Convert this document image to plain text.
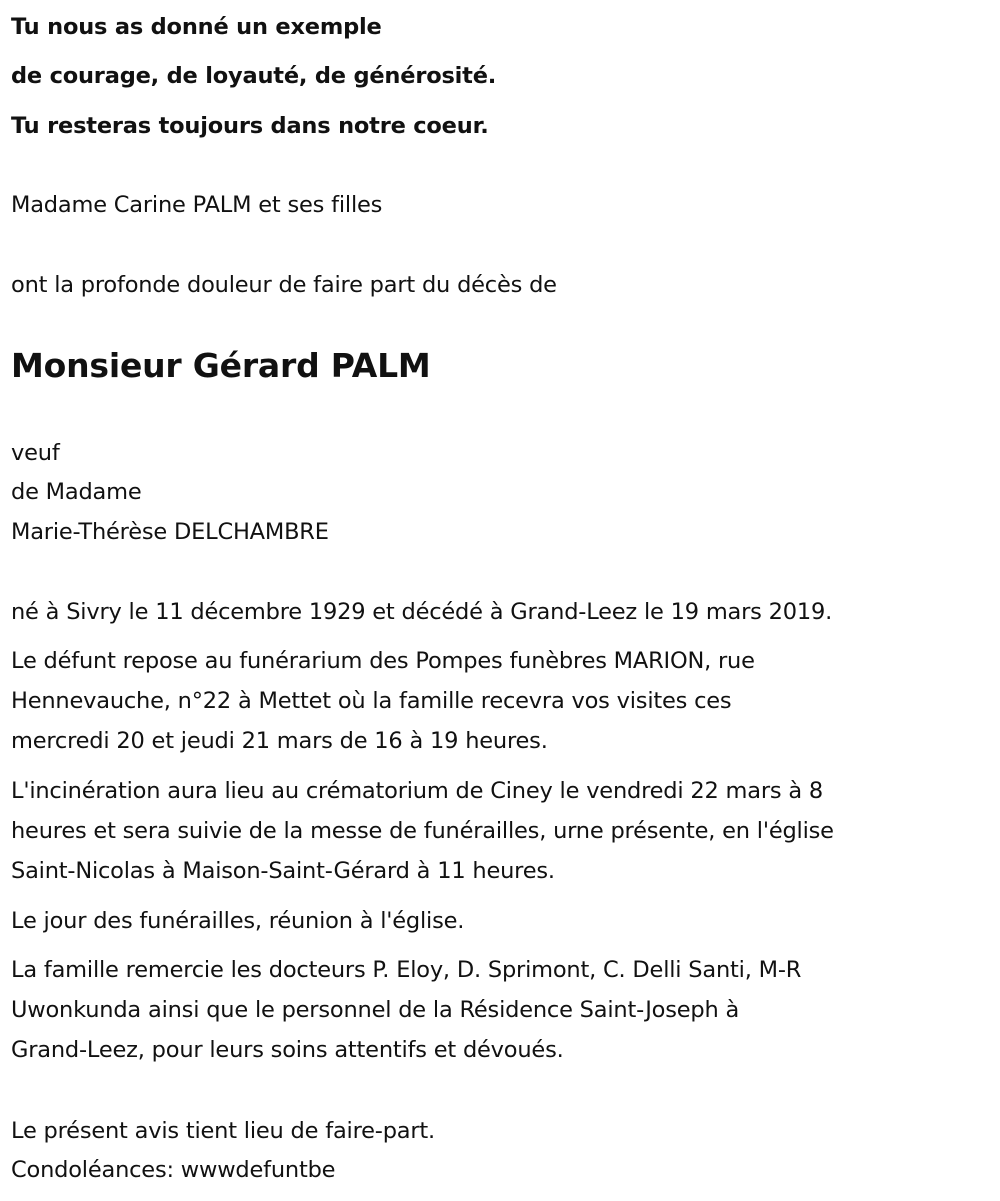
Tu nous as donné un exemple
de courage, de loyauté, de générosité.
Tu resteras toujours dans notre coeur.
Madame Carine PALM et ses filles
ont la profonde douleur de faire part du décès de
Monsieur Gérard PALM
veuf
de Madame
Marie-Thérèse DELCHAMBRE
né à Sivry le 11 décembre 1929 et décédé à Grand-Leez le 19 mars 2019.
Le défunt repose au funérarium des Pompes funèbres MARION, rue
Hennevauche, n°22 à Mettet où la famille recevra vos visites ces
mercredi 20 et jeudi 21 mars de 16 à 19 heures.
L'incinération aura lieu au crématorium de Ciney le vendredi 22 mars à 8
heures et sera suivie de la messe de funérailles, urne présente, en l'église
Saint-Nicolas à Maison-Saint-Gérard à 11 heures.
Le jour des funérailles, réunion à l'église.
La famille remercie les docteurs P. Eloy, D. Sprimont, C. Delli Santi, M-R
Uwonkunda ainsi que le personnel de la Résidence Saint-Joseph à
Grand-Leez, pour leurs soins attentifs et dévoués.
Le présent avis tient lieu de faire-part.
Condoléances: wwwdefuntbe
